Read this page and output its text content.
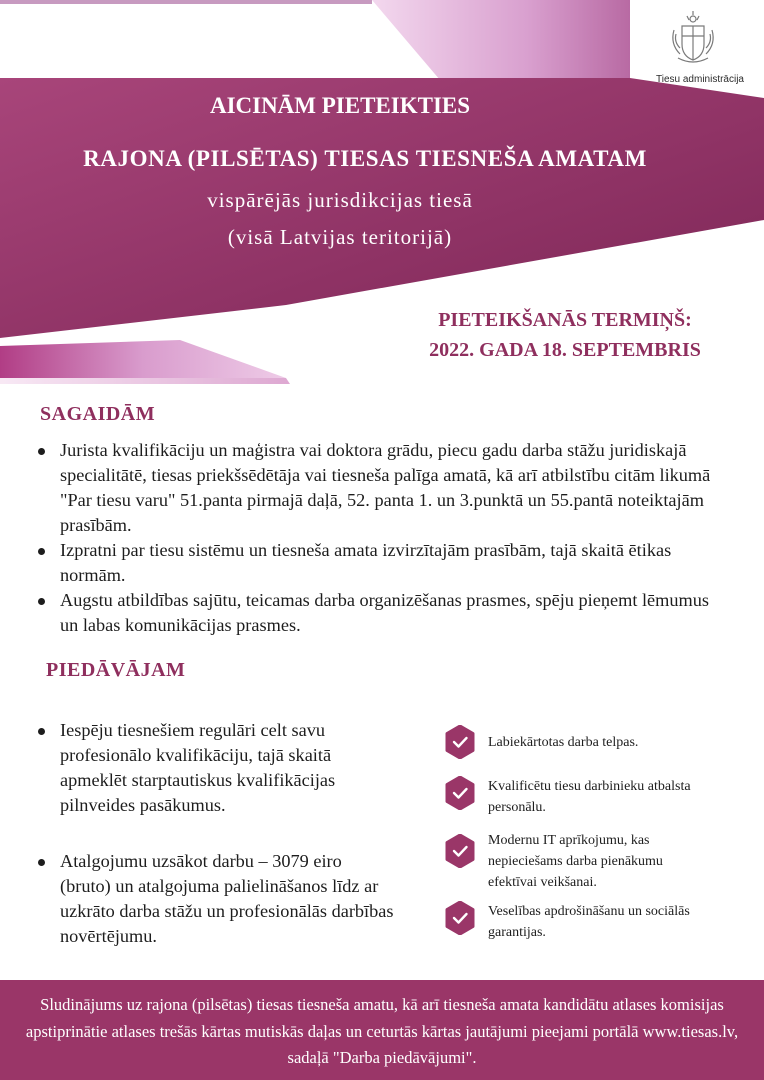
Tiesu administrācija
AICINĀM PIETEIKTIES
RAJONA (PILSĒTAS) TIESAS TIESNEŠA AMATAM
vispārējās jurisdikcijas tiesā
(visā Latvijas teritorijā)
PIETEIKŠANĀS TERMIŅŠ:
2022. GADA 18. SEPTEMBRIS
SAGAIDĀM
Jurista kvalifikāciju un maģistra vai doktora grādu, piecu gadu darba stāžu juridiskajā specialitātē, tiesas priekšsēdētāja vai tiesneša palīga amatā, kā arī atbilstību citām likumā "Par tiesu varu" 51.panta pirmajā daļā, 52. panta 1. un 3.punktā un 55.pantā noteiktajām prasībām.
Izpratni par tiesu sistēmu un tiesneša amata izvirzītajām prasībām, tajā skaitā ētikas normām.
Augstu atbildības sajūtu, teicamas darba organizēšanas prasmes, spēju pieņemt lēmumus un labas komunikācijas prasmes.
PIEDĀVĀJAM
Iespēju tiesnešiem regulāri celt savu profesionālo kvalifikāciju, tajā skaitā apmeklēt starptautiskus kvalifikācijas pilnveides pasākumus.
Atalgojumu uzsākot darbu – 3079 eiro (bruto) un atalgojuma palielināšanos līdz ar uzkrāto darba stāžu un profesionālās darbības novērtējumu.
Labiekārtotas darba telpas.
Kvalificētu tiesu darbinieku atbalsta personālu.
Modernu IT aprīkojumu, kas nepieciešams darba pienākumu efektīvai veikšanai.
Veselības apdrošināšanu un sociālās garantijas.
Sludinājums uz rajona (pilsētas) tiesas tiesneša amatu, kā arī tiesneša amata kandidātu atlases komisijas apstiprinātie atlases trešās kārtas mutiskās daļas un ceturtās kārtas jautājumi pieejami portālā www.tiesas.lv, sadaļā "Darba piedāvājumi".
